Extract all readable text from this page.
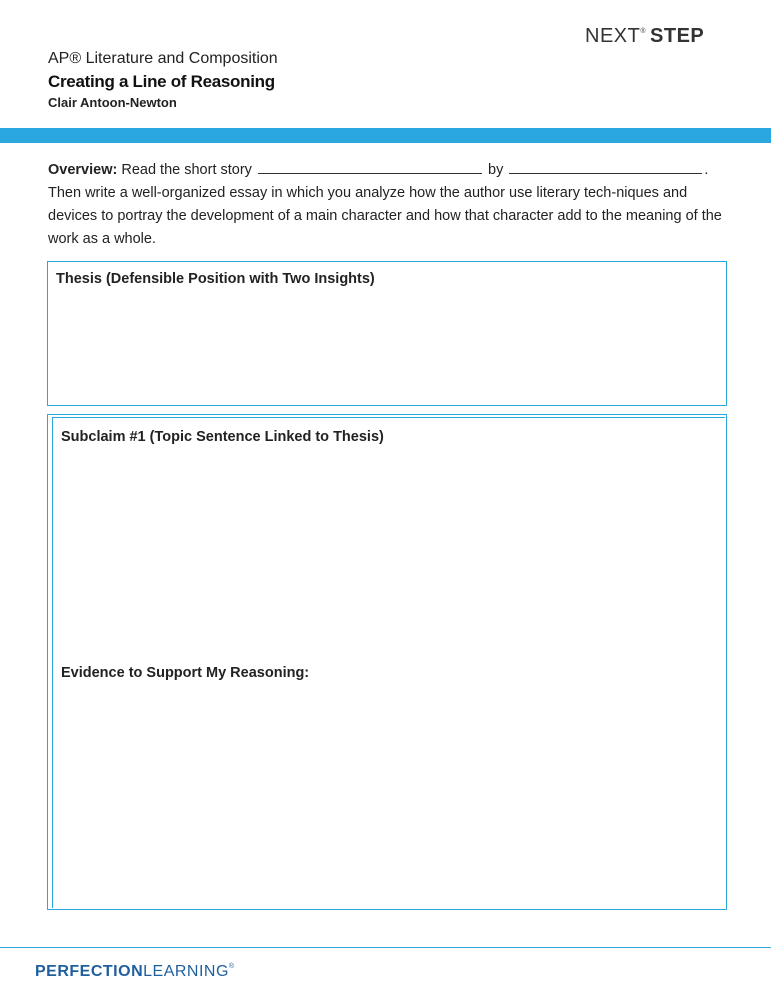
NEXT® STEP
AP® Literature and Composition
Creating a Line of Reasoning
Clair Antoon-Newton
Overview: Read the short story	by	. Then write a well-organized essay in which you analyze how the author use literary tech-niques and devices to portray the development of a main character and how that character add to the meaning of the work as a whole.
Thesis (Defensible Position with Two Insights)
Subclaim #1 (Topic Sentence Linked to Thesis)
Evidence to Support My Reasoning:
PERFECTIONLEARNING®
